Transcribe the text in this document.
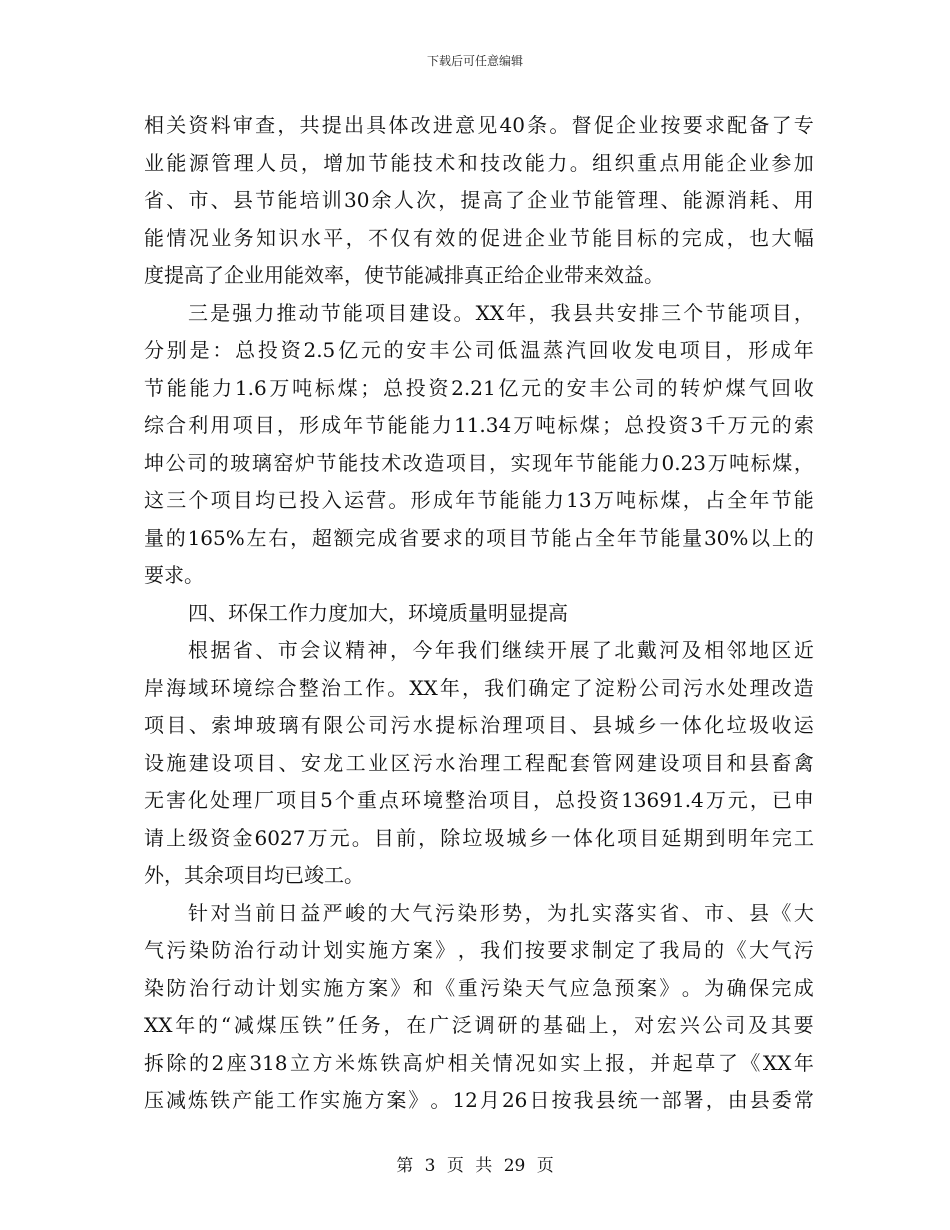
下载后可任意编辑
相 关 资 料 审 查 ， 共 提 出 具 体 改 进 意 见 40 条 。 督 促 企 业 按 要 求 配 备 了 专
业 能 源 管 理 人 员 ， 增 加 节 能 技 术 和 技 改 能 力 。 组 织 重 点 用 能 企 业 参 加
省 、 市 、 县 节 能 培 训 30 余 人 次 ， 提 高 了 企 业 节 能 管 理 、 能 源 消 耗 、 用
能 情 况 业 务 知 识 水 平 ， 不 仅 有 效 的 促 进 企 业 节 能 目 标 的 完 成 ， 也 大 幅
度提高了企业用能效率，使节能减排真正给企业带来效益。
三 是 强 力 推 动 节 能 项 目 建 设 。 XX 年 ， 我 县 共 安 排 三 个 节 能 项 目 ，
分 别 是 ： 总 投 资 2.5 亿 元 的 安 丰 公 司 低 温 蒸 汽 回 收 发 电 项 目 ， 形 成 年
节 能 能 力 1.6 万 吨 标 煤 ； 总 投 资 2.21 亿 元 的 安 丰 公 司 的 转 炉 煤 气 回 收
综 合 利 用 项 目 ， 形 成 年 节 能 能 力 11.34 万 吨 标 煤 ； 总 投 资 3 千 万 元 的 索
坤 公 司 的 玻 璃 窑 炉 节 能 技 术 改 造 项 目 ， 实 现 年 节 能 能 力 0.23 万 吨 标 煤 ，
这 三 个 项 目 均 已 投 入 运 营 。 形 成 年 节 能 能 力 13 万 吨 标 煤 ， 占 全 年 节 能
量 的 165% 左 右 ， 超 额 完 成 省 要 求 的 项 目 节 能 占 全 年 节 能 量 30% 以 上 的
要求。
四、环保工作力度加大，环境质量明显提高
根 据 省 、 市 会 议 精 神 ， 今 年 我 们 继 续 开 展 了 北 戴 河 及 相 邻 地 区 近
岸 海 域 环 境 综 合 整 治 工 作 。 XX 年 ， 我 们 确 定 了 淀 粉 公 司 污 水 处 理 改 造
项 目 、 索 坤 玻 璃 有 限 公 司 污 水 提 标 治 理 项 目 、 县 城 乡 一 体 化 垃 圾 收 运
设 施 建 设 项 目 、 安 龙 工 业 区 污 水 治 理 工 程 配 套 管 网 建 设 项 目 和 县 畜 禽
无 害 化 处 理 厂 项 目 5 个 重 点 环 境 整 治 项 目 ， 总 投 资 13691.4 万 元 ， 已 申
请 上 级 资 金 6027 万 元 。 目 前 ， 除 垃 圾 城 乡 一 体 化 项 目 延 期 到 明 年 完 工
外，其余项目均已竣工。
针 对 当 前 日 益 严 峻 的 大 气 污 染 形 势 ， 为 扎 实 落 实 省 、 市 、 县 《 大
气 污 染 防 治 行 动 计 划 实 施 方 案 》 ， 我 们 按 要 求 制 定 了 我 局 的 《 大 气 污
染 防 治 行 动 计 划 实 施 方 案 》 和 《 重 污 染 天 气 应 急 预 案 》 。 为 确 保 完 成
XX 年 的 “ 减 煤 压 铁 ” 任 务 ， 在 广 泛 调 研 的 基 础 上 ， 对 宏 兴 公 司 及 其 要
拆 除 的 2 座 318 立 方 米 炼 铁 高 炉 相 关 情 况 如 实 上 报 ， 并 起 草 了 《 XX 年
压 减 炼 铁 产 能 工 作 实 施 方 案 》 。 12 月 26 日 按 我 县 统 一 部 署 ， 由 县 委 常
第 3 页 共 29 页
